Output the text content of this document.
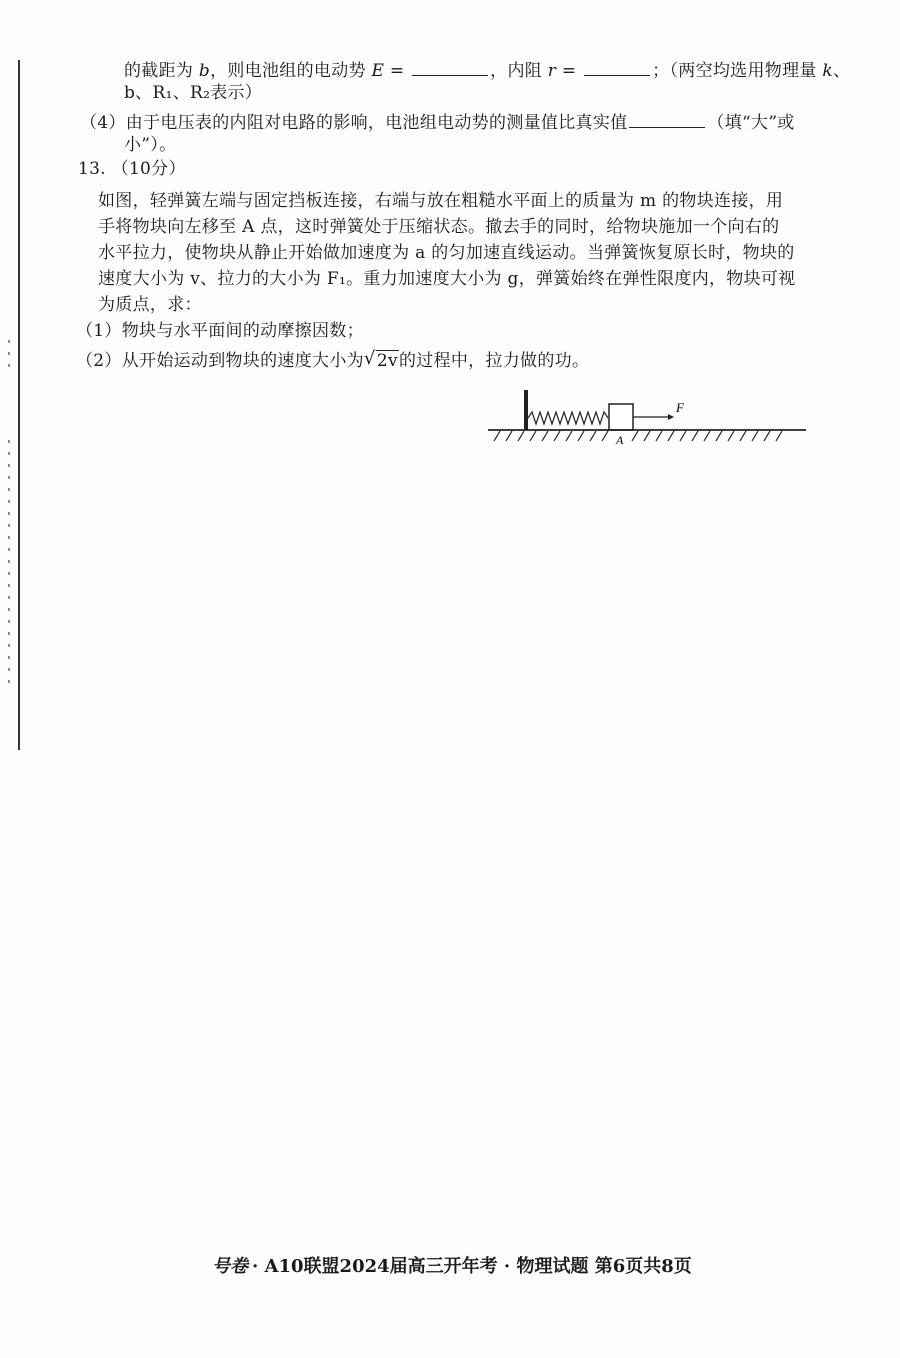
的截距为 b，则电池组的电动势 E =	，内阻 r =	；（两空均选用物理量 k、
b、R₁、R₂表示）
（4）由于电压表的内阻对电路的影响，电池组电动势的测量值比真实值	（填“大”或
小”）。
13. （10分）
如图，轻弹簧左端与固定挡板连接，右端与放在粗糙水平面上的质量为 m 的物块连接，用
手将物块向左移至 A 点，这时弹簧处于压缩状态。撤去手的同时，给物块施加一个向右的
水平拉力，使物块从静止开始做加速度为 a 的匀加速直线运动。当弹簧恢复原长时，物块的
速度大小为 v、拉力的大小为 F₁。重力加速度大小为 g，弹簧始终在弹性限度内，物块可视
为质点，求：
（1）物块与水平面间的动摩擦因数；
（2）从开始运动到物块的速度大小为 √ 2v的过程中，拉力做的功。
F
A
号卷 · A10联盟2024届高三开年考 · 物理试题 第6页共8页
